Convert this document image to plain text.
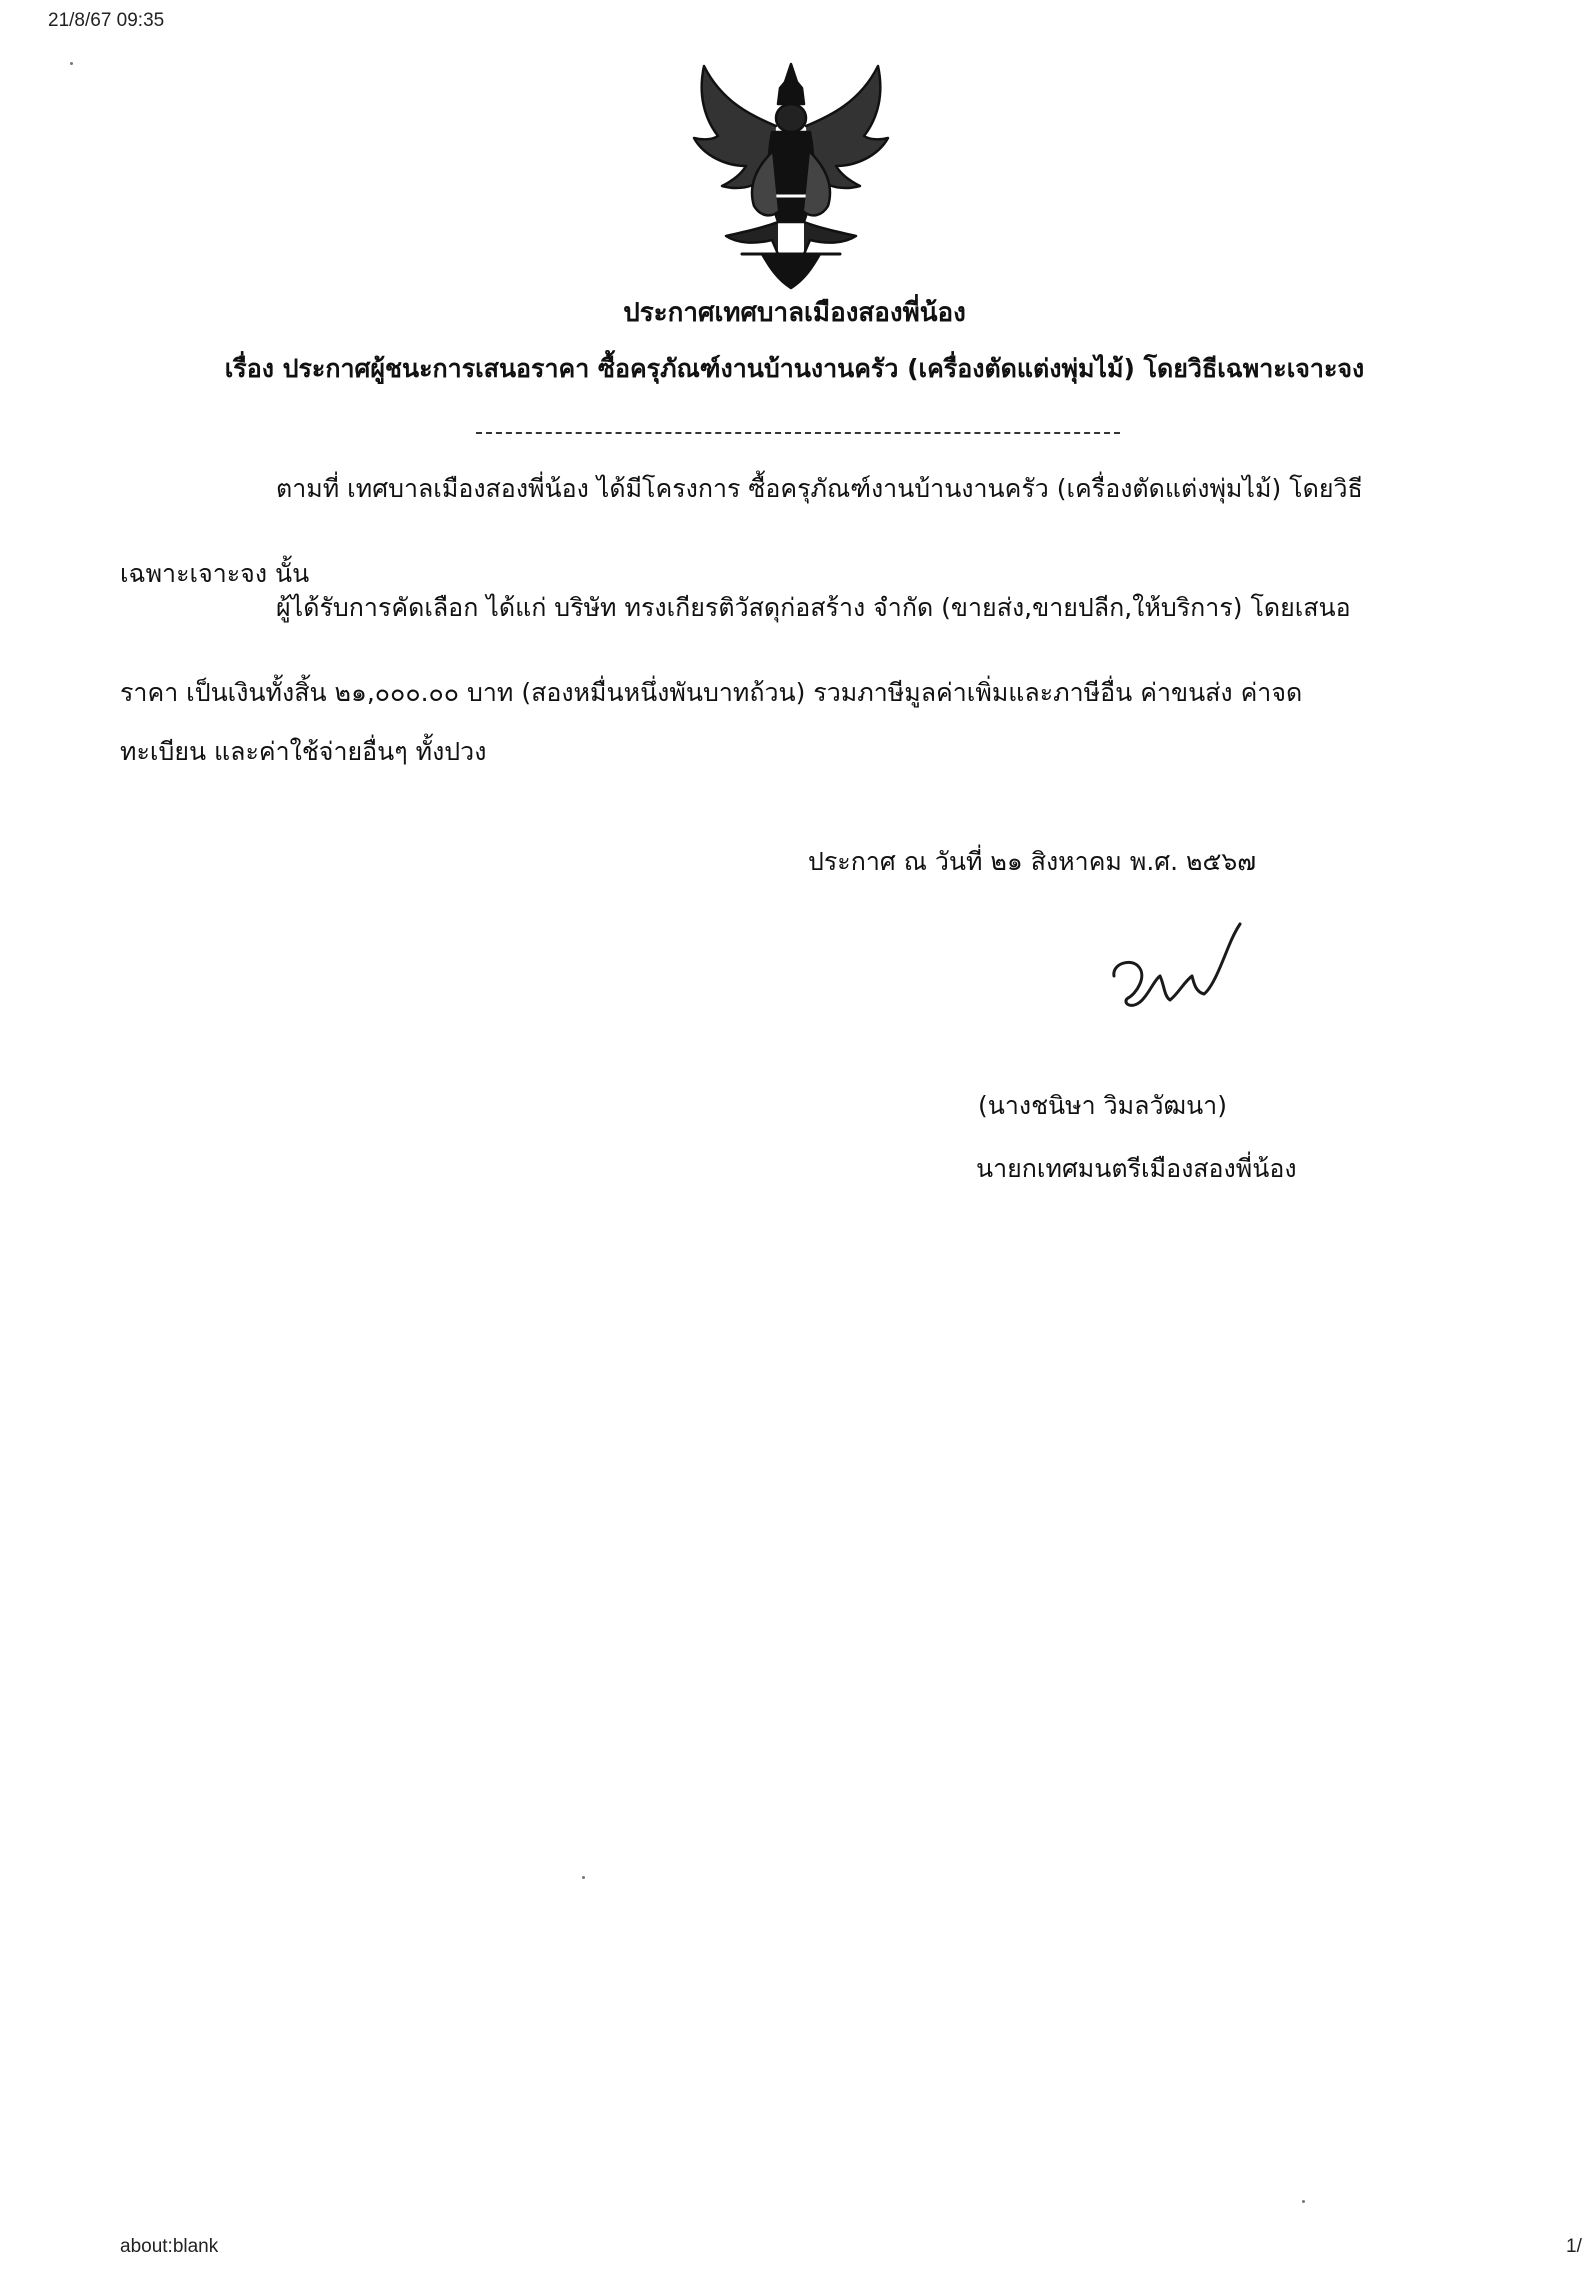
21/8/67 09:35
about:blank	1/
ประกาศเทศบาลเมืองสองพี่น้อง
เรื่อง ประกาศผู้ชนะการเสนอราคา ซื้อครุภัณฑ์งานบ้านงานครัว (เครื่องตัดแต่งพุ่มไม้) โดยวิธีเฉพาะเจาะจง
ตามที่ เทศบาลเมืองสองพี่น้อง ได้มีโครงการ ซื้อครุภัณฑ์งานบ้านงานครัว (เครื่องตัดแต่งพุ่มไม้) โดยวิธี
เฉพาะเจาะจง นั้น
ผู้ได้รับการคัดเลือก ได้แก่ บริษัท ทรงเกียรติวัสดุก่อสร้าง จำกัด (ขายส่ง,ขายปลีก,ให้บริการ) โดยเสนอ
ราคา เป็นเงินทั้งสิ้น ๒๑,๐๐๐.๐๐ บาท (สองหมื่นหนึ่งพันบาทถ้วน) รวมภาษีมูลค่าเพิ่มและภาษีอื่น ค่าขนส่ง ค่าจด
ทะเบียน และค่าใช้จ่ายอื่นๆ ทั้งปวง
ประกาศ ณ วันที่ ๒๑ สิงหาคม พ.ศ. ๒๕๖๗
(นางชนิษา วิมลวัฒนา)
นายกเทศมนตรีเมืองสองพี่น้อง
